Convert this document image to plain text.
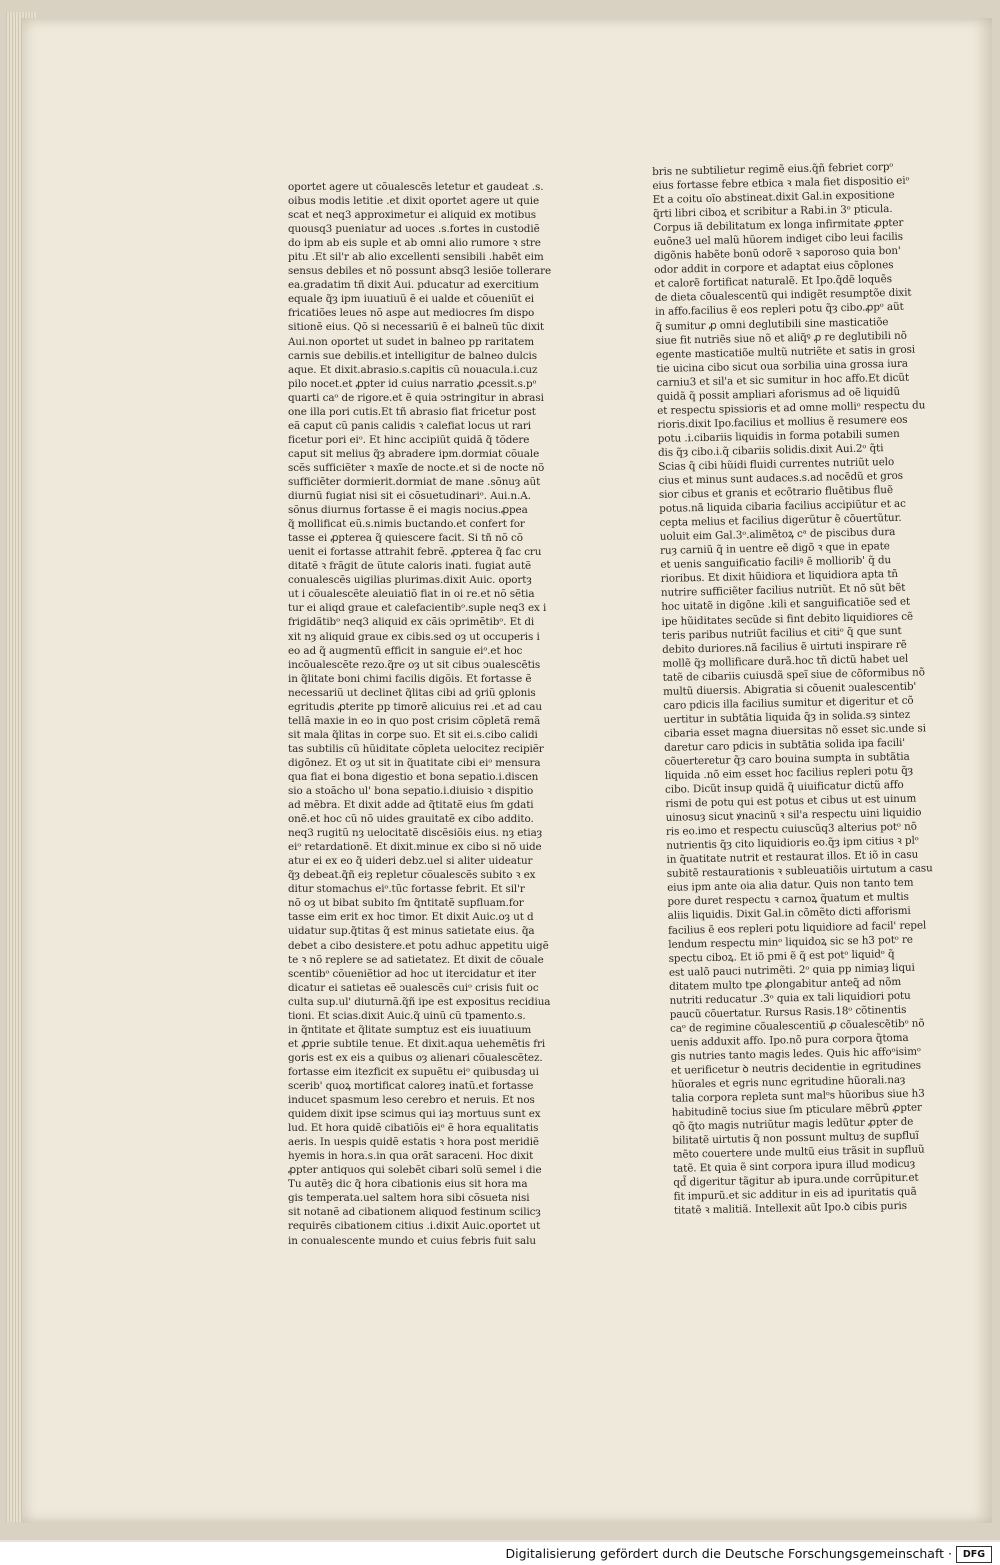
oportet agere ut cõualescẽs letetur et gaudeat .s.
oibus modis letitie .et dixit oportet agere ut quie
scat et neq3 approximetur ei aliquid ex motibus
quousq3 pueniatur ad uoces .s.fortes in custodiẽ
do ipm ab eis suple et ab omni alio rumore ꝛ stre
pitu .Et sil'r ab alio excellenti sensibili .habẽt eim
sensus debiles et nõ possunt absq3 lesiõe tollerare
ea.gradatim tñ dixit Aui. pducatur ad exercitium
equale q̃ȝ ipm iuuatiuũ ẽ ei ualde et cõueniũt ei
fricatiões leues nõ aspe aut mediocres ſm dispo
sitionẽ eius. Qõ si necessariũ ẽ ei balneũ tũc dixit
Aui.non oportet ut sudet in balneo pp raritatem
carnis sue debilis.et intelligitur de balneo dulcis
aque. Et dixit.abrasio.s.capitis cũ nouacula.i.cuz
pilo nocet.et ꝓpter id cuius narratio ꝓcessit.s.pᵒ
quarti caᵒ de rigore.et ẽ quia ↄstringitur in abrasi
one illa pori cutis.Et tñ abrasio fiat fricetur post
eã caput cũ panis calidis ꝛ calefiat locus ut rari
ficetur pori eiᵒ. Et hinc accipiũt quidã q̃ tõdere
caput sit melius q̃ȝ abradere ipm.dormiat cõuale
scẽs sufficiẽter ꝛ maxĩe de nocte.et si de nocte nõ
sufficiẽter dormierit.dormiat de mane .sõnuȝ aũt
diurnũ fugiat nisi sit ei cõsuetudinariᵒ. Aui.n.A.
sõnus diurnus fortasse ẽ ei magis nocius.ꝓpea
q̃ mollificat eũ.s.nimis buctando.et confert for
tasse ei ꝓpterea q̃ quiescere facit. Si tñ nõ cõ
uenit ei fortasse attrahit febrẽ. ꝓpterea q̃ fac cru
ditatẽ ꝛ frãgit de ũtute caloris inati. fugiat autẽ
conualescẽs uigilias plurimas.dixit Auic. oportȝ
ut i cõualescẽte aleuiatiõ fiat in oi re.et nõ sẽtia
tur ei aliqd graue et calefacientibᵒ.suple neq3 ex i
frigidãtibᵒ neq3 aliquid ex cãis ↄprimẽtibᵒ. Et di
xit nȝ aliquid graue ex cibis.sed oȝ ut occuperis i
eo ad q̃ augmentũ efficit in sanguie eiᵒ.et hoc
incõualescẽte rezo.q̃re oȝ ut sit cibus ↄualescẽtis
in q̃litate boni chimi facilis digõis. Et fortasse ẽ
necessariũ ut declinet q̃litas cibi ad ꝯriũ ꝯplonis
egritudis ꝓterite pp timorẽ alicuius rei .et ad cau
tellã maxie in eo in quo post crisim cõpletã remã
sit mala q̃litas in corpe suo. Et sit ei.s.cibo calidi
tas subtilis cũ hũiditate cõpleta uelocitez recipiẽr
digõnez. Et oȝ ut sit in q̃uatitate cibi eiᵒ mensura
qua fiat ei bona digestio et bona sepatio.i.discen
sio a stoãcho ul' bona sepatio.i.diuisio ꝛ dispitio
ad mẽbra. Et dixit adde ad q̃titatẽ eius ſm gdati
onẽ.et hoc cũ nõ uides grauitatẽ ex cibo addito.
neq3 rugitũ nȝ uelocitatẽ discẽsiõis eius. nȝ etiaȝ
eiᵒ retardationẽ. Et dixit.minue ex cibo si nõ uide
atur ei ex eo q̃ uideri debz.uel si aliter uideatur
q̃ȝ debeat.q̃ñ eiȝ repletur cõualescẽs subito ꝛ ex
ditur stomachus eiᵒ.tũc fortasse febrit. Et sil'r
nõ oȝ ut bibat subito ſm q̃ntitatẽ supfluam.for
tasse eim erit ex hoc timor. Et dixit Auic.oȝ ut d
uidatur sup.q̃titas q̃ est minus satietate eius. q̃a
debet a cibo desistere.et potu adhuc appetitu uigẽ
te ꝛ nõ replere se ad satietatez. Et dixit de cõuale
scentibᵒ cõueniẽtior ad hoc ut itercidatur et iter
dicatur ei satietas eẽ ↄualescẽs cuiᵒ crisis fuit oc
culta sup.ul' diuturnã.q̃ñ ipe est expositus recidiua
tioni. Et scias.dixit Auic.q̃ uinũ cũ tpamento.s.
in q̃ntitate et q̃litate sumptuz est eis iuuatiuum
et ꝓprie subtile tenue. Et dixit.aqua uehemẽtis fri
goris est ex eis a quibus oȝ alienari cõualescẽtez.
fortasse eim itezficit ex supuẽtu eiᵒ quibusdaȝ ui
scerib' quoꝝ mortificat caloreȝ inatũ.et fortasse
inducet spasmum leso cerebro et neruis. Et nos
quidem dixit ipse scimus qui iaȝ mortuus sunt ex
lud. Et hora quidẽ cibatiõis eiᵒ ẽ hora equalitatis
aeris. In uespis quidẽ estatis ꝛ hora post meridiẽ
hyemis in hora.s.in qua orãt saraceni. Hoc dixit
ꝓpter antiquos qui solebẽt cibari solũ semel i die
Tu autẽȝ dic q̃ hora cibationis eius sit hora ma
gis temperata.uel saltem hora sibi cõsueta nisi
sit notanẽ ad cibationem aliquod festinum scilicȝ
requirẽs cibationem citius .i.dixit Auic.oportet ut
in conualescente mundo et cuius febris fuit salu
bris ne subtilietur regimẽ eius.q̃ñ febriet corpᵒ
eius fortasse febre etbica ꝛ mala fiet dispositio eiᵒ
Et a coitu oĩo abstineat.dixit Gal.in expositione
q̃rti libri ciboꝝ et scribitur a Rabi.in 3ᵒ pticula.
Corpus iã debilitatum ex longa infirmitate ꝓpter
euõne3 uel malũ hũorem indiget cibo leui facilis
digõnis habẽte bonũ odorẽ ꝛ saporoso quia bon'
odor addit in corpore et adaptat eius cõplones
et calorẽ fortificat naturalẽ. Et Ipo.q̃dẽ loquẽs
de dieta cõualescentũ qui indigẽt resumptõe dixit
in affo.facilius ẽ eos repleri potu q̃ȝ cibo.ꝓpᵒ aũt
q̃ sumitur ꝓ omni deglutibili sine masticatiõe
siue fit nutriẽs siue nõ et aliq̃ꝰ ꝓ re deglutibili nõ
egente masticatiõe multũ nutriẽte et satis in grosi
tie uicina cibo sicut oua sorbilia uina grossa iura
carniu3 et sil'a et sic sumitur in hoc affo.Et dicũt
quidã q̃ possit ampliari aforismus ad oẽ liquidũ
et respectu spissioris et ad omne molliᵒ respectu du
rioris.dixit Ipo.facilius et mollius ẽ resumere eos
potu .i.cibariis liquidis in forma potabili sumen
dis q̃ȝ cibo.i.q̃ cibariis solidis.dixit Aui.2ᵒ q̃ti
Scias q̃ cibi hũidi fluidi currentes nutriũt uelo
cius et minus sunt audaces.s.ad nocẽdũ et gros
sior cibus et granis et ecõtrario fluẽtibus fluẽ
potus.nã liquida cibaria facilius accipiũtur et ac
cepta melius et facilius digerũtur ẽ cõuertũtur.
uoluit eim Gal.3ᵒ.alimẽtoꝝ cᵃ de piscibus dura
ruȝ carniũ q̃ in uentre eẽ digõ ꝛ que in epate
et uenis sanguificatio faciliꝰ ẽ molliorib' q̃ du
rioribus. Et dixit hũidiora et liquidiora apta tñ
nutrire sufficiẽter facilius nutriũt. Et nõ sũt bẽt
hoc uitatẽ in digõne .kili et sanguificatiõe sed et
ipe hũiditates secũde si fint debito liquidiores cẽ
teris paribus nutriũt facilius et citiᵒ q̃ que sunt
debito duriores.nã facilius ẽ uirtuti inspirare rẽ
mollẽ q̃ȝ mollificare durã.hoc tñ dictũ habet uel
tatẽ de cibariis cuiusdã speĩ siue de cõformibus nõ
multũ diuersis. Abigratia si cõuenit ↄualescentib'
caro pdicis illa facilius sumitur et digeritur et cõ
uertitur in subtãtia liquida q̃ȝ in solida.sȝ sintez
cibaria esset magna diuersitas nõ esset sic.unde si
daretur caro pdicis in subtãtia solida ipa facili'
cõuerteretur q̃ȝ caro bouina sumpta in subtãtia
liquida .nõ eim esset hoc facilius repleri potu q̃ȝ
cibo. Dicũt insup quidã q̃ uiuificatur dictũ affo
rismi de potu qui est potus et cibus ut est uinum
uinosuȝ sicut ꝟnacinũ ꝛ sil'a respectu uini liquidio
ris eo.imo et respectu cuiuscũq3 alterius potᵒ nõ
nutrientis q̃ȝ cito liquidioris eo.q̃ȝ ipm citius ꝛ plᵒ
in q̃uatitate nutrit et restaurat illos. Et iõ in casu
subitẽ restaurationis ꝛ subleuatiõis uirtutum a casu
eius ipm ante oia alia datur. Quis non tanto tem
pore duret respectu ꝛ carnoꝝ q̃uatum et multis
aliis liquidis. Dixit Gal.in cõmẽto dicti afforismi
facilius ẽ eos repleri potu liquidiore ad facil' repel
lendum respectu minᵒ liquidoꝝ sic se h3 potᵒ re
spectu ciboꝝ. Et iõ pmi ẽ q̃ est potᵒ liquidᵒ q̃
est ualõ pauci nutrimẽti. 2ᵒ quia pp nimiaȝ liqui
ditatem multo tpe ꝓlongabitur anteq̃ ad nõm
nutriti reducatur .3ᵒ quia ex tali liquidiori potu
paucũ cõuertatur. Rursus Rasis.18ᵒ cõtinentis
caᵒ de regimine cõualescentiũ ꝓ cõualescẽtibᵒ nõ
uenis adduxit affo. Ipo.nõ pura corpora q̃toma
gis nutries tanto magis ledes. Quis hic affoᵒisimᵒ
et uerificetur ꝺ neutris decidentie in egritudines
hũorales et egris nunc egritudine hũorali.naȝ
talia corpora repleta sunt malᵒs hũoribus siue h3
habitudinẽ tocius siue ſm pticulare mẽbrũ ꝓpter
qõ q̃to magis nutriũtur magis ledũtur ꝓpter de
bilitatẽ uirtutis q̃ non possunt multuȝ de supfluĩ
mẽto couertere unde multũ eius trãsit in supfluũ
tatẽ. Et quia ẽ sint corpora ipura illud modicuȝ
qd̃ digeritur tãgitur ab ipura.unde corrũpitur.et
fit impurũ.et sic additur in eis ad ipuritatis quã
titatẽ ꝛ malitiã. Intellexit aũt Ipo.ꝺ cibis puris
Digitalisierung gefördert durch die Deutsche Forschungsgemeinschaft ·	DFG
